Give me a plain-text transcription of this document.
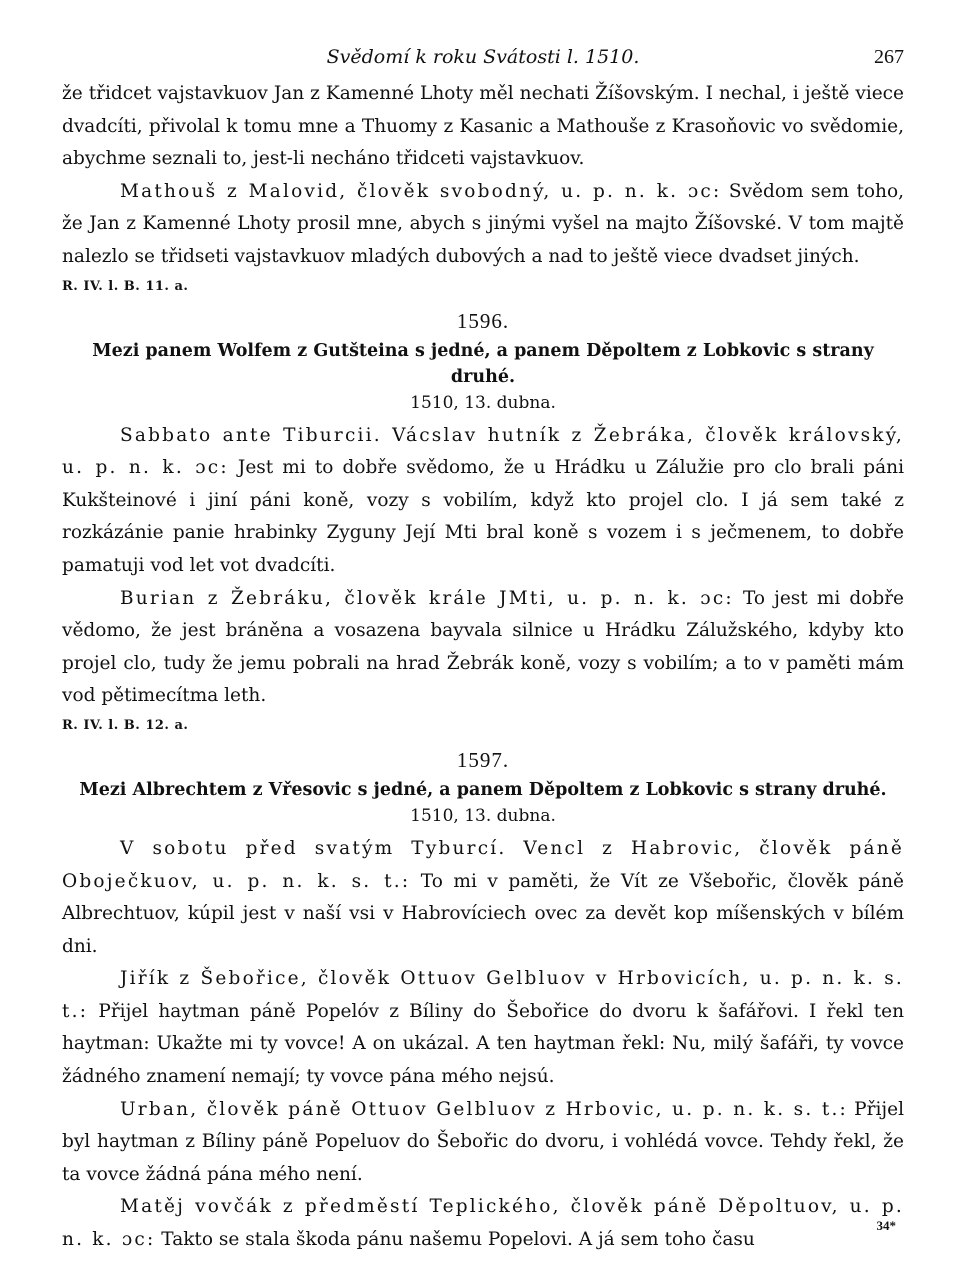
Svědomí k roku Svátosti l. 1510.	267

že třidcet vajstavkuov Jan z Kamenné Lhoty měl nechati Žíšovským. I nechal, i ještě viece dvadcíti, přivolal k tomu mne a Thuomy z Kasanic a Mathouše z Krasoňovic vo svědomie, abychme seznali to, jest-li necháno třidceti vajstavkuov.

Mathouš z Malovid, člověk svobodný, u. p. n. k. ɔc: Svědom sem toho, že Jan z Kamenné Lhoty prosil mne, abych s jinými vyšel na majto Žíšovské. V tom majtě nalezlo se třidseti vajstavkuov mladých dubových a nad to ještě viece dvadset jiných.

R. IV. l. B. 11. a.

1596.
Mezi panem Wolfem z Gutšteina s jedné, a panem Děpoltem z Lobkovic s strany druhé.
1510, 13. dubna.

Sabbato ante Tiburcii. Vácslav hutník z Žebráka, člověk královský, u. p. n. k. ɔc: Jest mi to dobře svědomo, že u Hrádku u Zálužie pro clo brali páni Kukšteinové i jiní páni koně, vozy s vobilím, když kto projel clo. I já sem také z rozkázánie panie hrabinky Zyguny Její Mti bral koně s vozem i s ječmenem, to dobře pamatuji vod let vot dvadcíti.

Burian z Žebráku, člověk krále JMti, u. p. n. k. ɔc: To jest mi dobře vědomo, že jest bráněna a vosazena bayvala silnice u Hrádku Zálužského, kdyby kto projel clo, tudy že jemu pobrali na hrad Žebrák koně, vozy s vobilím; a to v paměti mám vod pětimecítma leth.

R. IV. l. B. 12. a.

1597.
Mezi Albrechtem z Vřesovic s jedné, a panem Děpoltem z Lobkovic s strany druhé.
1510, 13. dubna.

V sobotu před svatým Tyburcí. Vencl z Habrovic, člověk páně Oboječkuov, u. p. n. k. s. t.: To mi v paměti, že Vít ze Všebořic, člověk páně Albrechtuov, kúpil jest v naší vsi v Habrovíciech ovec za devět kop míšenských v bílém dni.

Jiřík z Šebořice, člověk Ottuov Gelbluov v Hrbovicích, u. p. n. k. s. t.: Přijel haytman páně Popelóv z Bíliny do Šebořice do dvoru k šafářovi. I řekl ten haytman: Ukažte mi ty vovce! A on ukázal. A ten haytman řekl: Nu, milý šafáři, ty vovce žádného znamení nemají; ty vovce pána mého nejsú.

Urban, člověk páně Ottuov Gelbluov z Hrbovic, u. p. n. k. s. t.: Přijel byl haytman z Bíliny páně Popeluov do Šebořic do dvoru, i vohlédá vovce. Tehdy řekl, že ta vovce žádná pána mého není.

Matěj vovčák z předměstí Teplického, člověk páně Děpoltuov, u. p. n. k. ɔc: Takto se stala škoda pánu našemu Popelovi. A já sem toho času

34*
